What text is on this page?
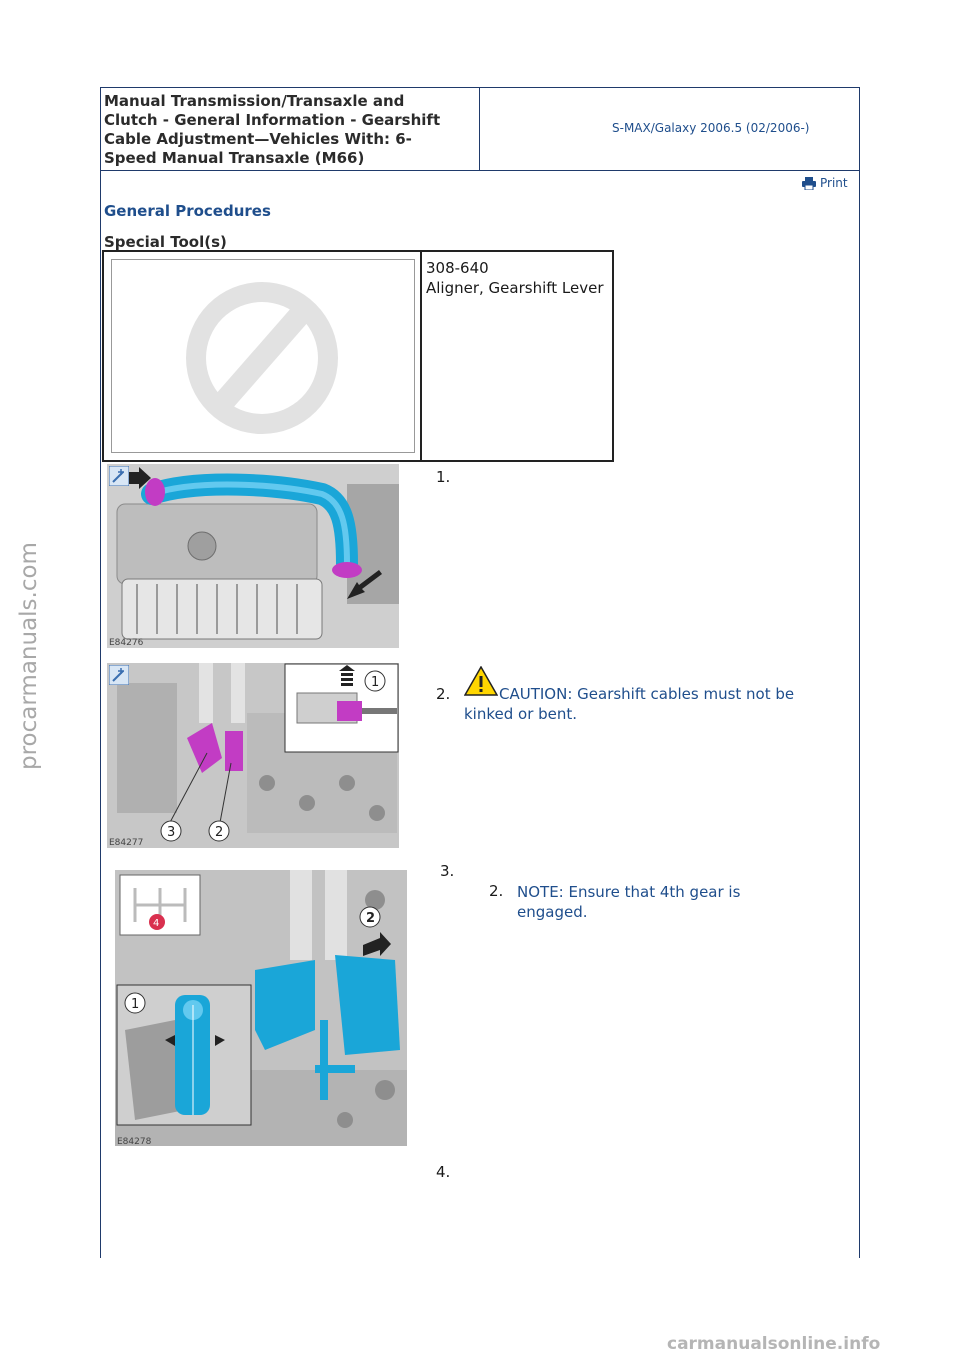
Manual Transmission/Transaxle and
Clutch - General Information - Gearshift
Cable Adjustment—Vehicles With: 6-
Speed Manual Transaxle (M66)
S-MAX/Galaxy 2006.5 (02/2006-)
Print
General Procedures
Special Tool(s)
308-640
Aligner, Gearshift Lever
E84276
1.
3	2
1
E84277
2.	CAUTION: Gearshift cables must not be
kinked or bent.
3.
2. NOTE: Ensure that 4th gear is
engaged.
2
4
1
E84278
4.
procarmanuals.com
carmanualsonline.info
